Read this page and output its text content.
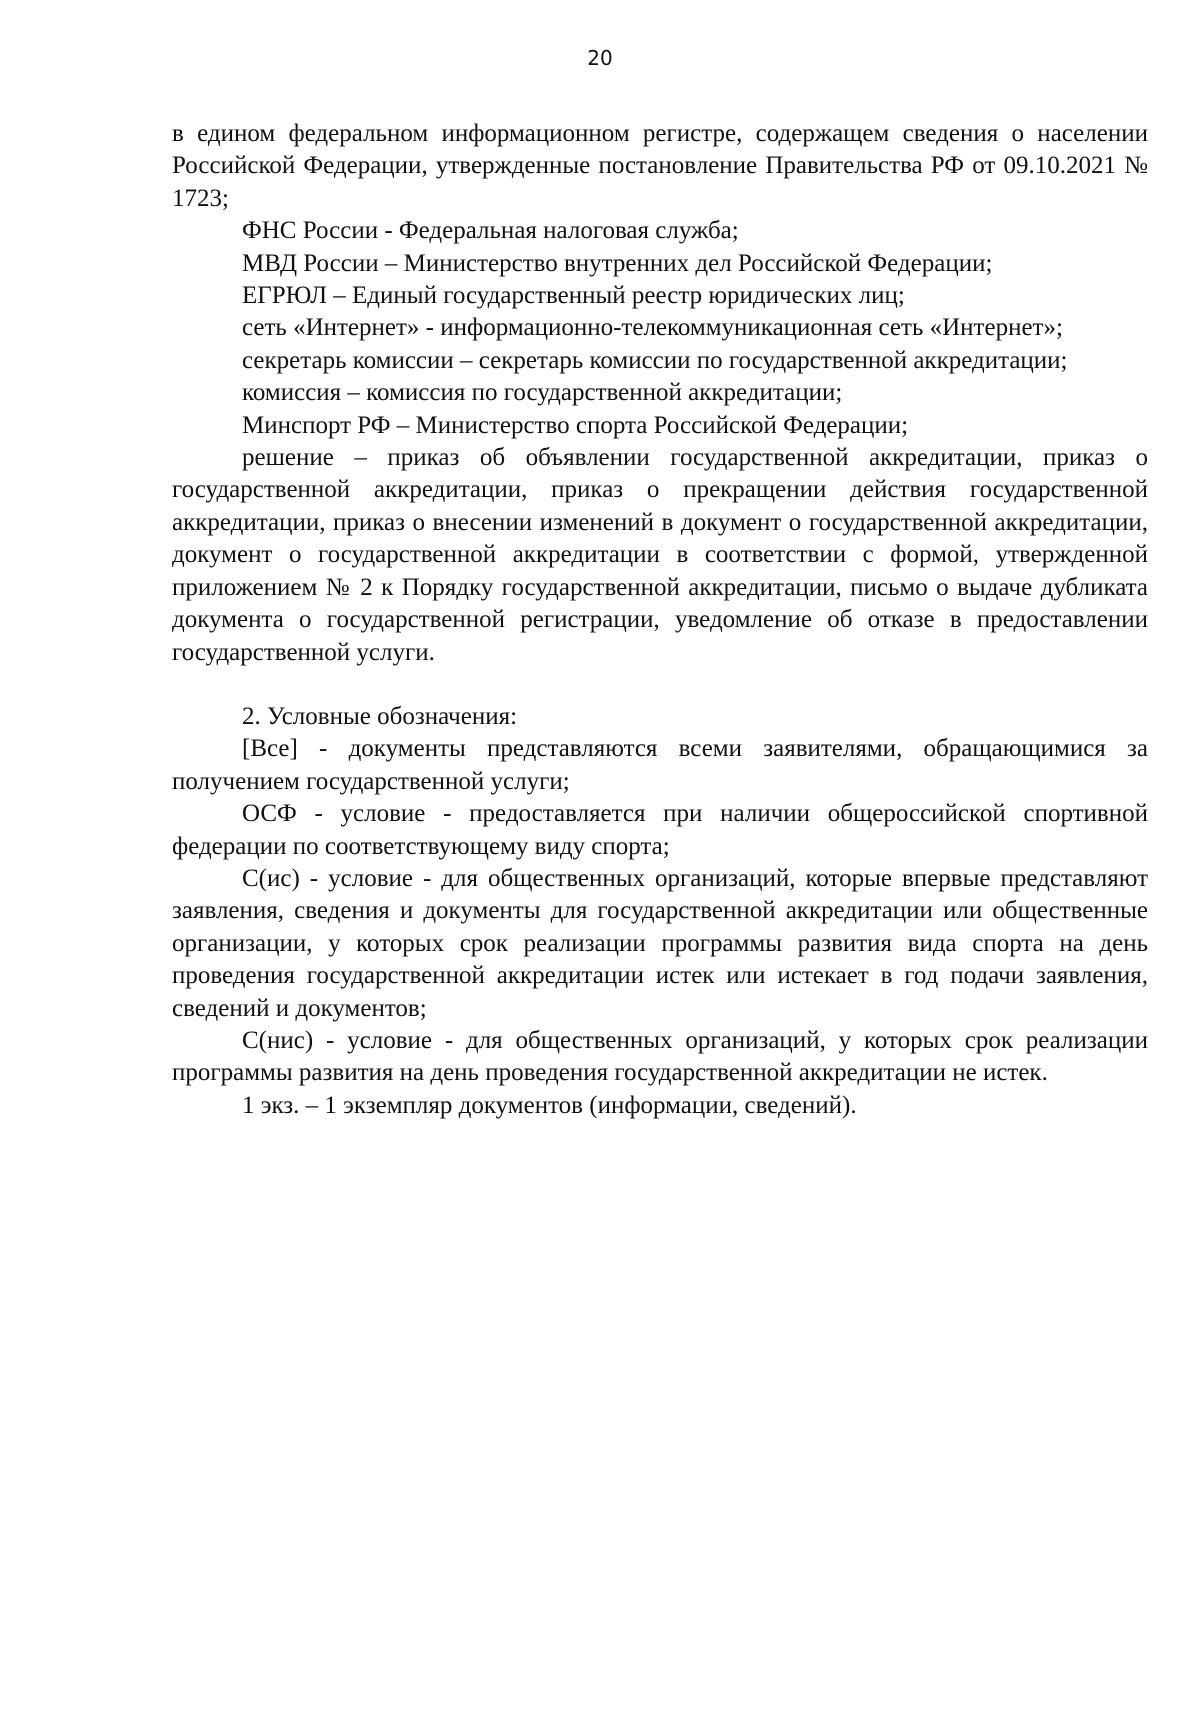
20

в едином федеральном информационном регистре, содержащем сведения о населении Российской Федерации, утвержденные постановление Правительства РФ от 09.10.2021 № 1723;

ФНС России - Федеральная налоговая служба;

МВД России – Министерство внутренних дел Российской Федерации;

ЕГРЮЛ – Единый государственный реестр юридических лиц;

сеть «Интернет» - информационно-телекоммуникационная сеть «Интернет»;

секретарь комиссии – секретарь комиссии по государственной аккредитации;

комиссия – комиссия по государственной аккредитации;

Минспорт РФ – Министерство спорта Российской Федерации;

решение – приказ об объявлении государственной аккредитации, приказ о государственной аккредитации, приказ о прекращении действия государственной аккредитации, приказ о внесении изменений в документ о государственной аккредитации, документ о государственной аккредитации в соответствии с формой, утвержденной приложением № 2 к Порядку государственной аккредитации, письмо о выдаче дубликата документа о государственной регистрации, уведомление об отказе в предоставлении государственной услуги.

2. Условные обозначения:

[Все] - документы представляются всеми заявителями, обращающимися за получением государственной услуги;

ОСФ - условие - предоставляется при наличии общероссийской спортивной федерации по соответствующему виду спорта;

С(ис) - условие - для общественных организаций, которые впервые представляют заявления, сведения и документы для государственной аккредитации или общественные организации, у которых срок реализации программы развития вида спорта на день проведения государственной аккредитации истек или истекает в год подачи заявления, сведений и документов;

С(нис) - условие - для общественных организаций, у которых срок реализации программы развития на день проведения государственной аккредитации не истек.

1 экз. – 1 экземпляр документов (информации, сведений).
